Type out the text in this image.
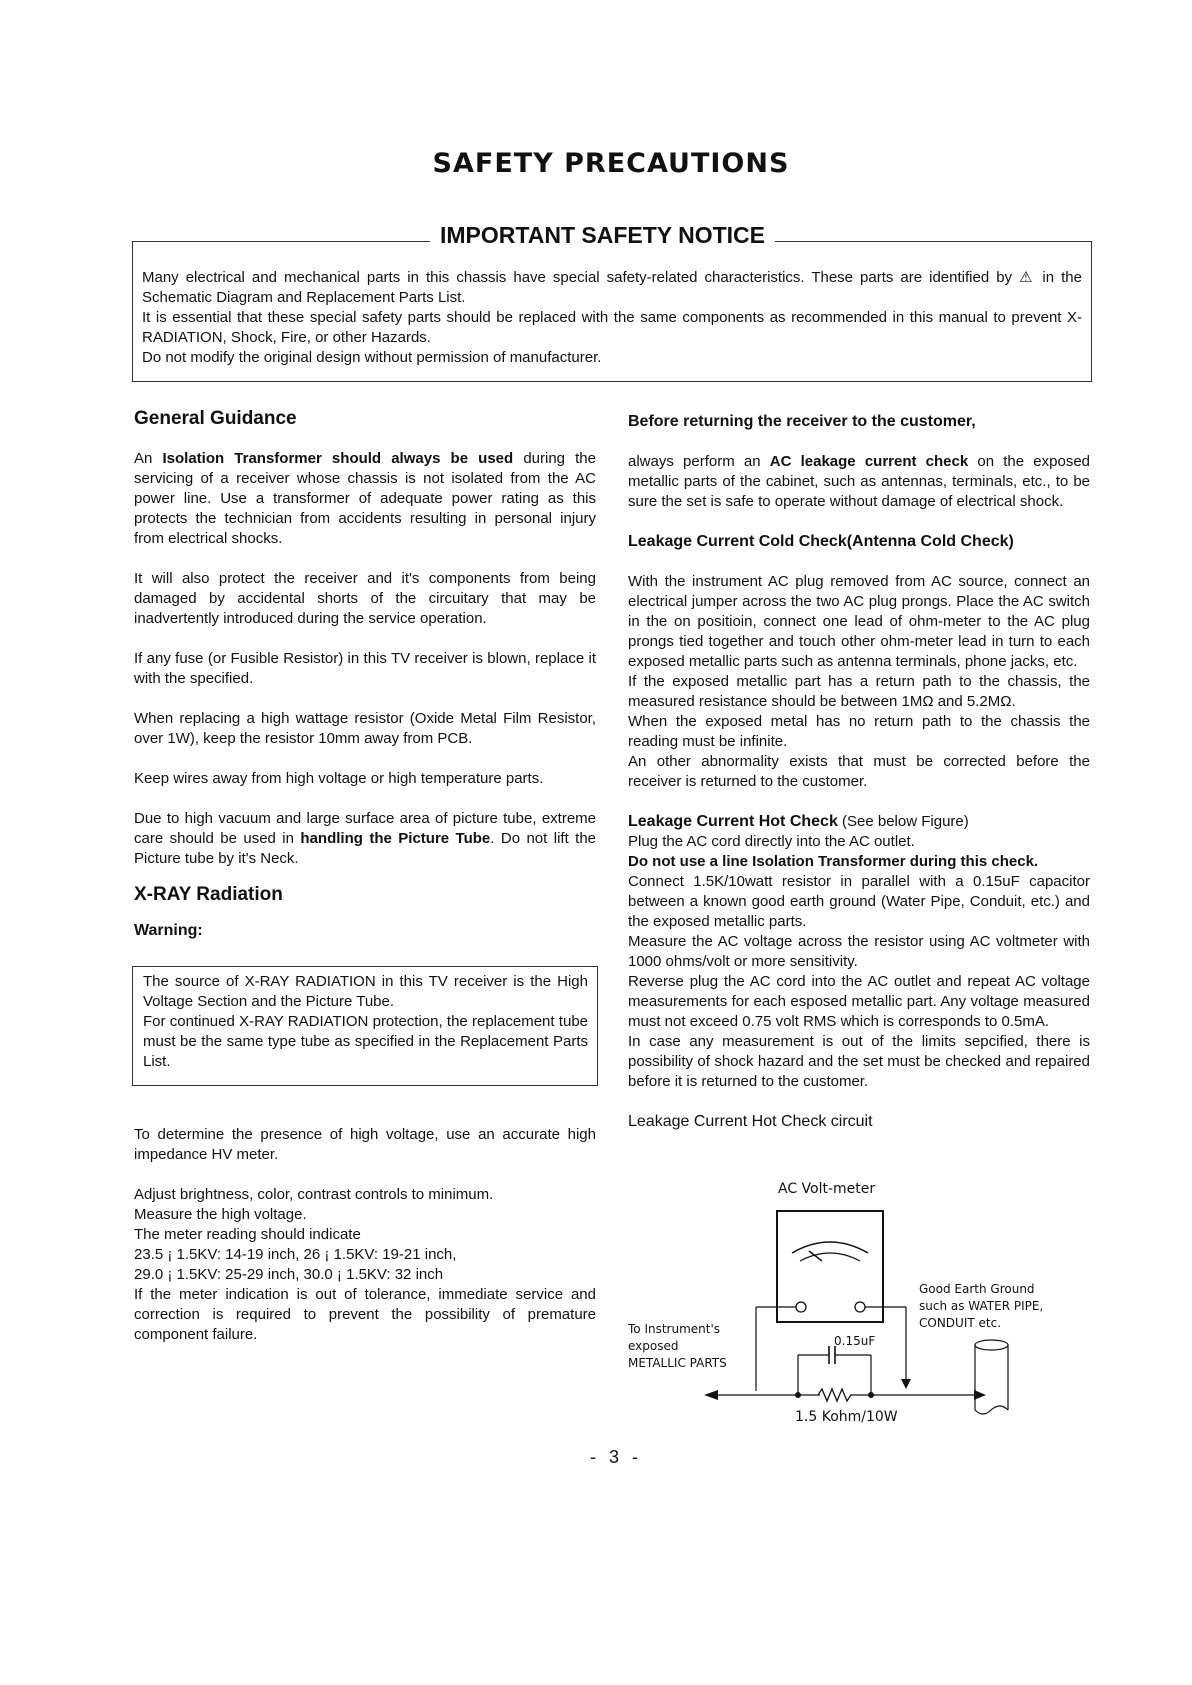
SAFETY PRECAUTIONS
IMPORTANT SAFETY NOTICE

Many electrical and mechanical parts in this chassis have special safety-related characteristics. These parts are identified by ⚠ in the Schematic Diagram and Replacement Parts List.

It is essential that these special safety parts should be replaced with the same components as recommended in this manual to prevent X-RADIATION, Shock, Fire, or other Hazards.

Do not modify the original design without permission of manufacturer.

General Guidance

An Isolation Transformer should always be used during the servicing of a receiver whose chassis is not isolated from the AC power line. Use a transformer of adequate power rating as this protects the technician from accidents resulting in personal injury from electrical shocks.

It will also protect the receiver and it's components from being damaged by accidental shorts of the circuitary that may be inadvertently introduced during the service operation.

If any fuse (or Fusible Resistor) in this TV receiver is blown, replace it with the specified.

When replacing a high wattage resistor (Oxide Metal Film Resistor, over 1W), keep the resistor 10mm away from PCB.

Keep wires away from high voltage or high temperature parts.

Due to high vacuum and large surface area of picture tube, extreme care should be used in handling the Picture Tube. Do not lift the Picture tube by it's Neck.

X-RAY Radiation

Warning:

The source of X-RAY RADIATION in this TV receiver is the High Voltage Section and the Picture Tube.

For continued X-RAY RADIATION protection, the replacement tube must be the same type tube as specified in the Replacement Parts List.

To determine the presence of high voltage, use an accurate high impedance HV meter.

Adjust brightness, color, contrast controls to minimum.

Measure the high voltage.

The meter reading should indicate

23.5 ¡ 1.5KV: 14-19 inch, 26 ¡ 1.5KV: 19-21 inch,

29.0 ¡ 1.5KV: 25-29 inch, 30.0 ¡ 1.5KV: 32 inch

If the meter indication is out of tolerance, immediate service and correction is required to prevent the possibility of premature component failure.

Before returning the receiver to the customer,

always perform an AC leakage current check on the exposed metallic parts of the cabinet, such as antennas, terminals, etc., to be sure the set is safe to operate without damage of electrical shock.

Leakage Current Cold Check(Antenna Cold Check)

With the instrument AC plug removed from AC source, connect an electrical jumper across the two AC plug prongs. Place the AC switch in the on positioin, connect one lead of ohm-meter to the AC plug prongs tied together and touch other ohm-meter lead in turn to each exposed metallic parts such as antenna terminals, phone jacks, etc.

If the exposed metallic part has a return path to the chassis, the measured resistance should be between 1MΩ and 5.2MΩ.

When the exposed metal has no return path to the chassis the reading must be infinite.

An other abnormality exists that must be corrected before the receiver is returned to the customer.

Leakage Current Hot Check (See below Figure)

Plug the AC cord directly into the AC outlet.

Do not use a line Isolation Transformer during this check.

Connect 1.5K/10watt resistor in parallel with a 0.15uF capacitor between a known good earth ground (Water Pipe, Conduit, etc.) and the exposed metallic parts.

Measure the AC voltage across the resistor using AC voltmeter with 1000 ohms/volt or more sensitivity.

Reverse plug the AC cord into the AC outlet and repeat AC voltage measurements for each esposed metallic part. Any voltage measured must not exceed 0.75 volt RMS which is corresponds to 0.5mA.

In case any measurement is out of the limits sepcified, there is possibility of shock hazard and the set must be checked and repaired before it is returned to the customer.

Leakage Current Hot Check circuit

AC Volt-meter
0.15uF
1.5 Kohm/10W
To Instrument's
exposed
METALLIC PARTS
Good Earth Ground
such as WATER PIPE,
CONDUIT etc.
- 3 -
